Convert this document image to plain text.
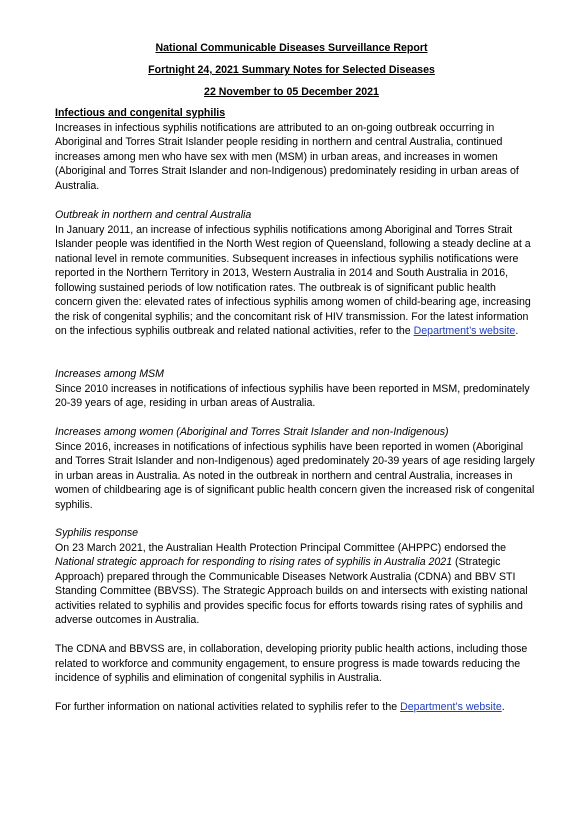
National Communicable Diseases Surveillance Report
Fortnight 24, 2021 Summary Notes for Selected Diseases
22 November to 05 December 2021
Infectious and congenital syphilis

Increases in infectious syphilis notifications are attributed to an on-going outbreak occurring in Aboriginal and Torres Strait Islander people residing in northern and central Australia, continued increases among men who have sex with men (MSM) in urban areas, and increases in women (Aboriginal and Torres Strait Islander and non-Indigenous) predominately residing in urban areas of Australia.

Outbreak in northern and central Australia

In January 2011, an increase of infectious syphilis notifications among Aboriginal and Torres Strait Islander people was identified in the North West region of Queensland, following a steady decline at a national level in remote communities. Subsequent increases in infectious syphilis notifications were reported in the Northern Territory in 2013, Western Australia in 2014 and South Australia in 2016, following sustained periods of low notification rates. The outbreak is of significant public health concern given the: elevated rates of infectious syphilis among women of child-bearing age, increasing the risk of congenital syphilis; and the concomitant risk of HIV transmission. For the latest information on the infectious syphilis outbreak and related national activities, refer to the Department’s website.

Increases among MSM

Since 2010 increases in notifications of infectious syphilis have been reported in MSM, predominately 20-39 years of age, residing in urban areas of Australia.

Increases among women (Aboriginal and Torres Strait Islander and non-Indigenous)

Since 2016, increases in notifications of infectious syphilis have been reported in women (Aboriginal and Torres Strait Islander and non-Indigenous) aged predominately 20-39 years of age residing largely in urban areas in Australia. As noted in the outbreak in northern and central Australia, increases in women of childbearing age is of significant public health concern given the increased risk of congenital syphilis.

Syphilis response

On 23 March 2021, the Australian Health Protection Principal Committee (AHPPC) endorsed the National strategic approach for responding to rising rates of syphilis in Australia 2021 (Strategic Approach) prepared through the Communicable Diseases Network Australia (CDNA) and BBV STI Standing Committee (BBVSS). The Strategic Approach builds on and intersects with existing national activities related to syphilis and provides specific focus for efforts towards rising rates of syphilis and adverse outcomes in Australia.

The CDNA and BBVSS are, in collaboration, developing priority public health actions, including those related to workforce and community engagement, to ensure progress is made towards reducing the incidence of syphilis and elimination of congenital syphilis in Australia.

For further information on national activities related to syphilis refer to the Department’s website.
